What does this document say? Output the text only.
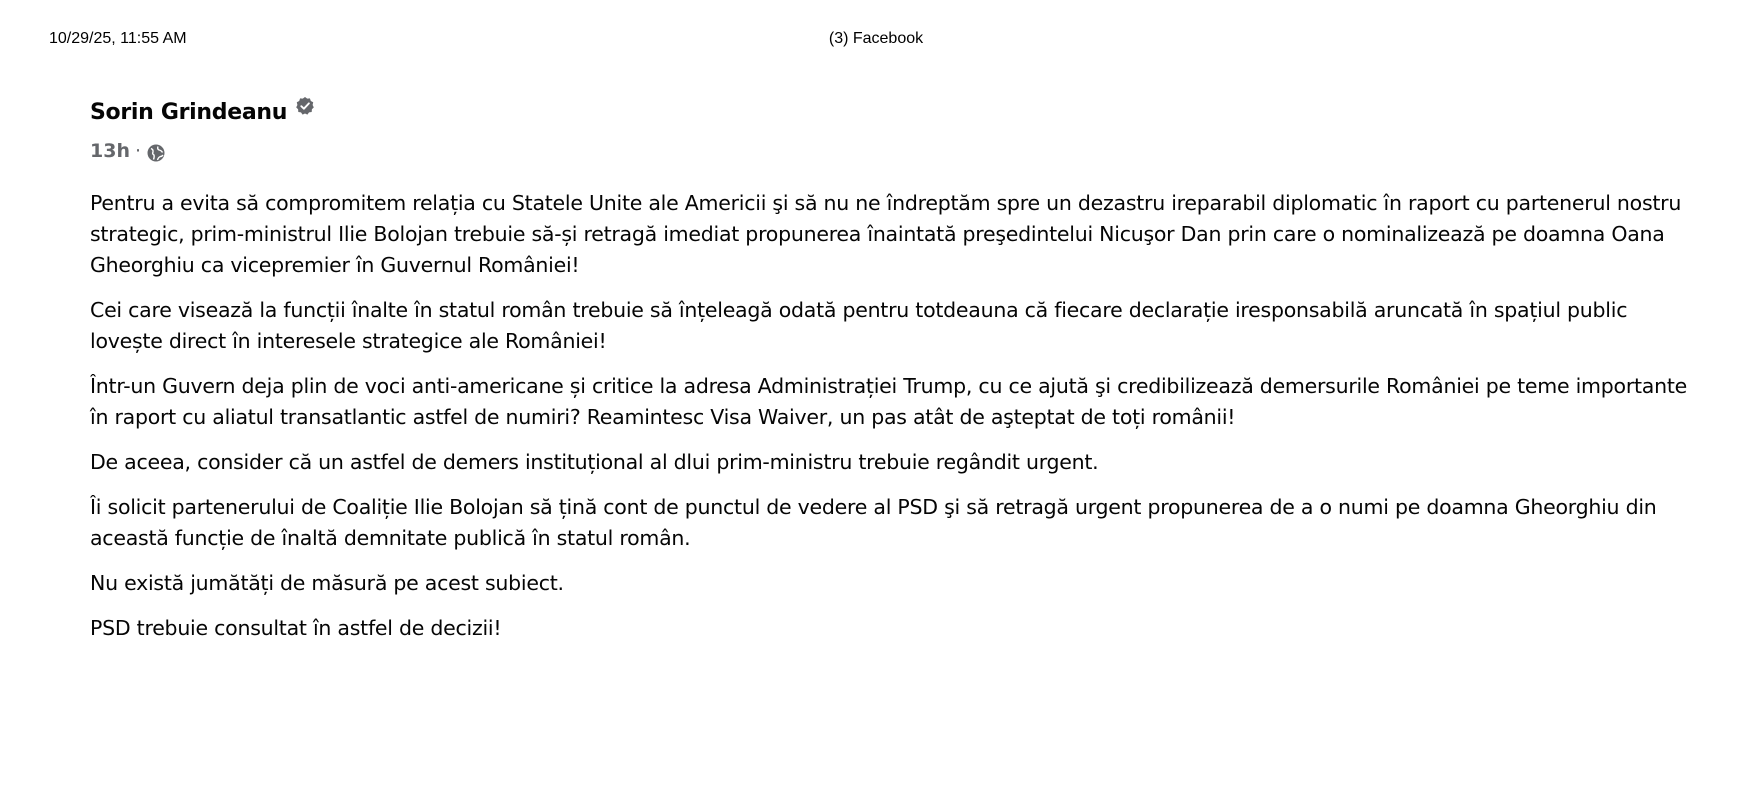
10/29/25, 11:55 AM	(3) Facebook
Sorin Grindeanu
13h ·

Pentru a evita să compromitem relația cu Statele Unite ale Americii şi să nu ne îndreptăm spre un dezastru ireparabil diplomatic în raport cu partenerul nostru strategic, prim-ministrul Ilie Bolojan trebuie să-și retragă imediat propunerea înaintată preşedintelui Nicuşor Dan prin care o nominalizează pe doamna Oana Gheorghiu ca vicepremier în Guvernul României!

Cei care visează la funcții înalte în statul român trebuie să înțeleagă odată pentru totdeauna că fiecare declarație iresponsabilă aruncată în spațiul public lovește direct în interesele strategice ale României!

Într-un Guvern deja plin de voci anti-americane și critice la adresa Administrației Trump, cu ce ajută şi credibilizează demersurile României pe teme importante în raport cu aliatul transatlantic astfel de numiri? Reamintesc Visa Waiver, un pas atât de aşteptat de toți românii!

De aceea, consider că un astfel de demers instituțional al dlui prim-ministru trebuie regândit urgent.

Îi solicit partenerului de Coaliție Ilie Bolojan să țină cont de punctul de vedere al PSD şi să retragă urgent propunerea de a o numi pe doamna Gheorghiu din această funcție de înaltă demnitate publică în statul român.

Nu există jumătăți de măsură pe acest subiect.

PSD trebuie consultat în astfel de decizii!
